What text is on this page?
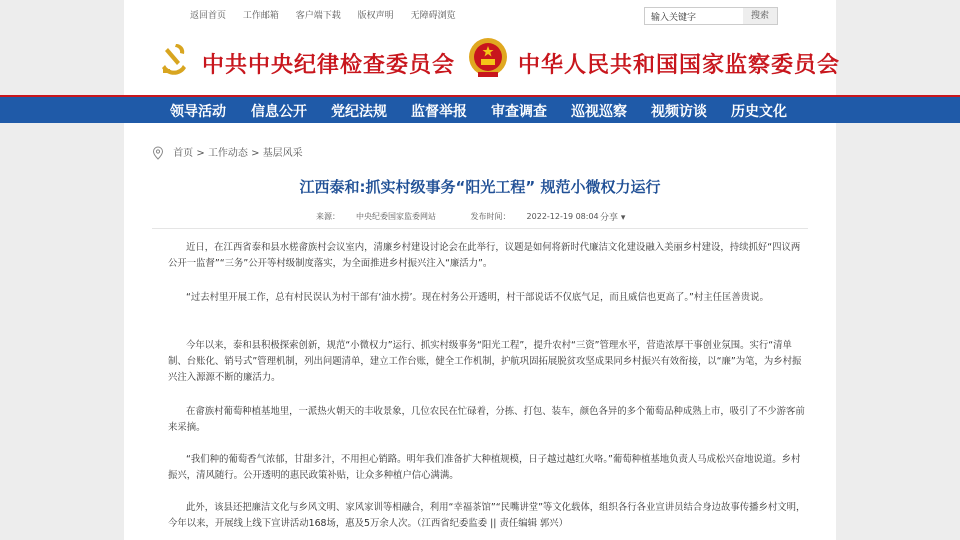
返回首页 工作邮箱 客户端下载 版权声明 无障碍浏览	输入关键字	搜索
中共中央纪律检查委员会	中华人民共和国国家监察委员会
领导活动 信息公开 党纪法规 监督举报 审查调查 巡视巡察 视频访谈 历史文化
首页 > 工作动态 > 基层风采
江西泰和:抓实村级事务“阳光工程” 规范小微权力运行
来源： 中央纪委国家监委网站	发布时间： 2022-12-19 08:04 分享 ▾
近日，在江西省泰和县水槎畲族村会议室内，清廉乡村建设讨论会在此举行，议题是如何将新时代廉洁文化建设融入美丽乡村建设，持续抓好“四议两公开一监督”“三务”公开等村级制度落实，为全面推进乡村振兴注入“廉活力”。
“过去村里开展工作，总有村民误认为村干部有‘油水捞’。现在村务公开透明，村干部说话不仅底气足，而且威信也更高了。”村主任匡善贵说。
今年以来，泰和县积极探索创新，规范“小微权力”运行、抓实村级事务“阳光工程”，提升农村“三资”管理水平，营造浓厚干事创业氛围。实行“清单制、台账化、销号式”管理机制，列出问题清单，建立工作台账，健全工作机制，护航巩固拓展脱贫攻坚成果同乡村振兴有效衔接，以“廉”为笔，为乡村振兴注入源源不断的廉活力。
在畲族村葡萄种植基地里，一派热火朝天的丰收景象，几位农民在忙碌着，分拣、打包、装车，颜色各异的多个葡萄品种成熟上市，吸引了不少游客前来采摘。
“我们种的葡萄香气浓郁，甘甜多汁，不用担心销路。明年我们准备扩大种植规模，日子越过越红火咯。”葡萄种植基地负责人马成松兴奋地说道。乡村振兴，清风随行。公开透明的惠民政策补贴，让众多种植户信心满满。
此外，该县还把廉洁文化与乡风文明、家风家训等相融合，利用“幸福茶馆”“民嘴讲堂”等文化载体，组织各行各业宣讲员结合身边故事传播乡村文明，今年以来，开展线上线下宣讲活动168场，惠及5万余人次。（江西省纪委监委 || 责任编辑 郭兴）
